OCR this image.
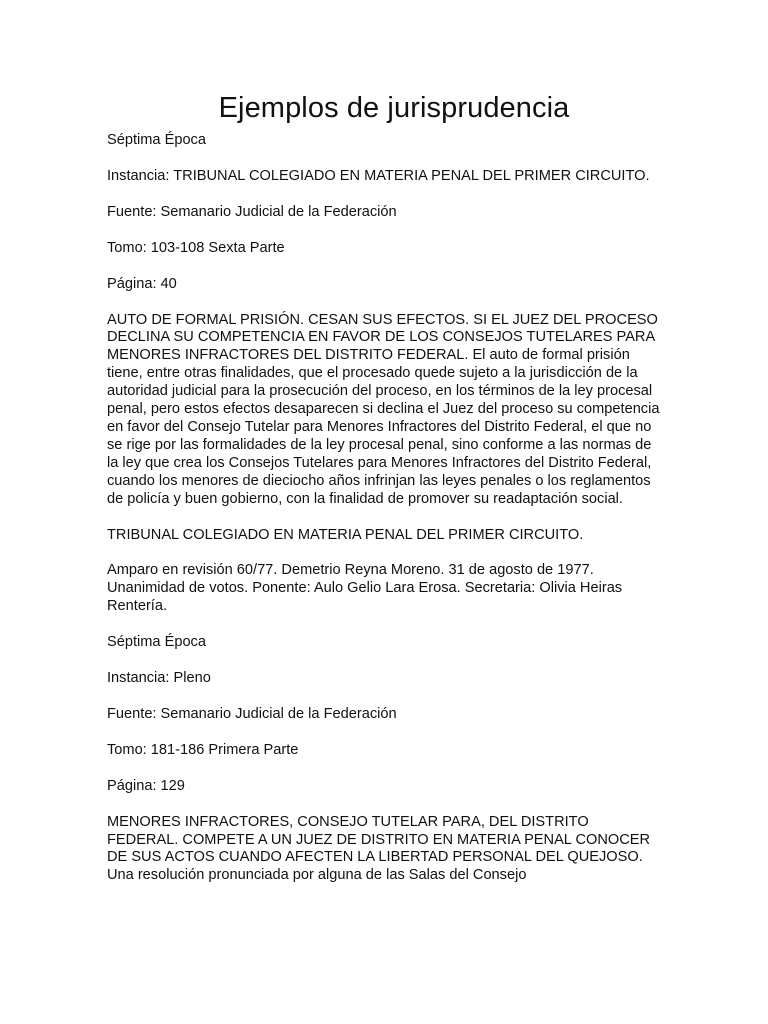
Ejemplos de jurisprudencia

Séptima Época

Instancia: TRIBUNAL COLEGIADO EN MATERIA PENAL DEL PRIMER CIRCUITO.

Fuente: Semanario Judicial de la Federación

Tomo: 103-108 Sexta Parte

Página: 40

AUTO DE FORMAL PRISIÓN. CESAN SUS EFECTOS. SI EL JUEZ DEL PROCESO DECLINA SU COMPETENCIA EN FAVOR DE LOS CONSEJOS TUTELARES PARA MENORES INFRACTORES DEL DISTRITO FEDERAL. El auto de formal prisión tiene, entre otras finalidades, que el procesado quede sujeto a la jurisdicción de la autoridad judicial para la prosecución del proceso, en los términos de la ley procesal penal, pero estos efectos desaparecen si declina el Juez del proceso su competencia en favor del Consejo Tutelar para Menores Infractores del Distrito Federal, el que no se rige por las formalidades de la ley procesal penal, sino conforme a las normas de la ley que crea los Consejos Tutelares para Menores Infractores del Distrito Federal, cuando los menores de dieciocho años infrinjan las leyes penales o los reglamentos de policía y buen gobierno, con la finalidad de promover su readaptación social.

TRIBUNAL COLEGIADO EN MATERIA PENAL DEL PRIMER CIRCUITO.

Amparo en revisión 60/77. Demetrio Reyna Moreno. 31 de agosto de 1977. Unanimidad de votos. Ponente: Aulo Gelio Lara Erosa. Secretaria: Olivia Heiras Rentería.

Séptima Época

Instancia: Pleno

Fuente: Semanario Judicial de la Federación

Tomo: 181-186 Primera Parte

Página: 129

MENORES INFRACTORES, CONSEJO TUTELAR PARA, DEL DISTRITO FEDERAL. COMPETE A UN JUEZ DE DISTRITO EN MATERIA PENAL CONOCER DE SUS ACTOS CUANDO AFECTEN LA LIBERTAD PERSONAL DEL QUEJOSO. Una resolución pronunciada por alguna de las Salas del Consejo
